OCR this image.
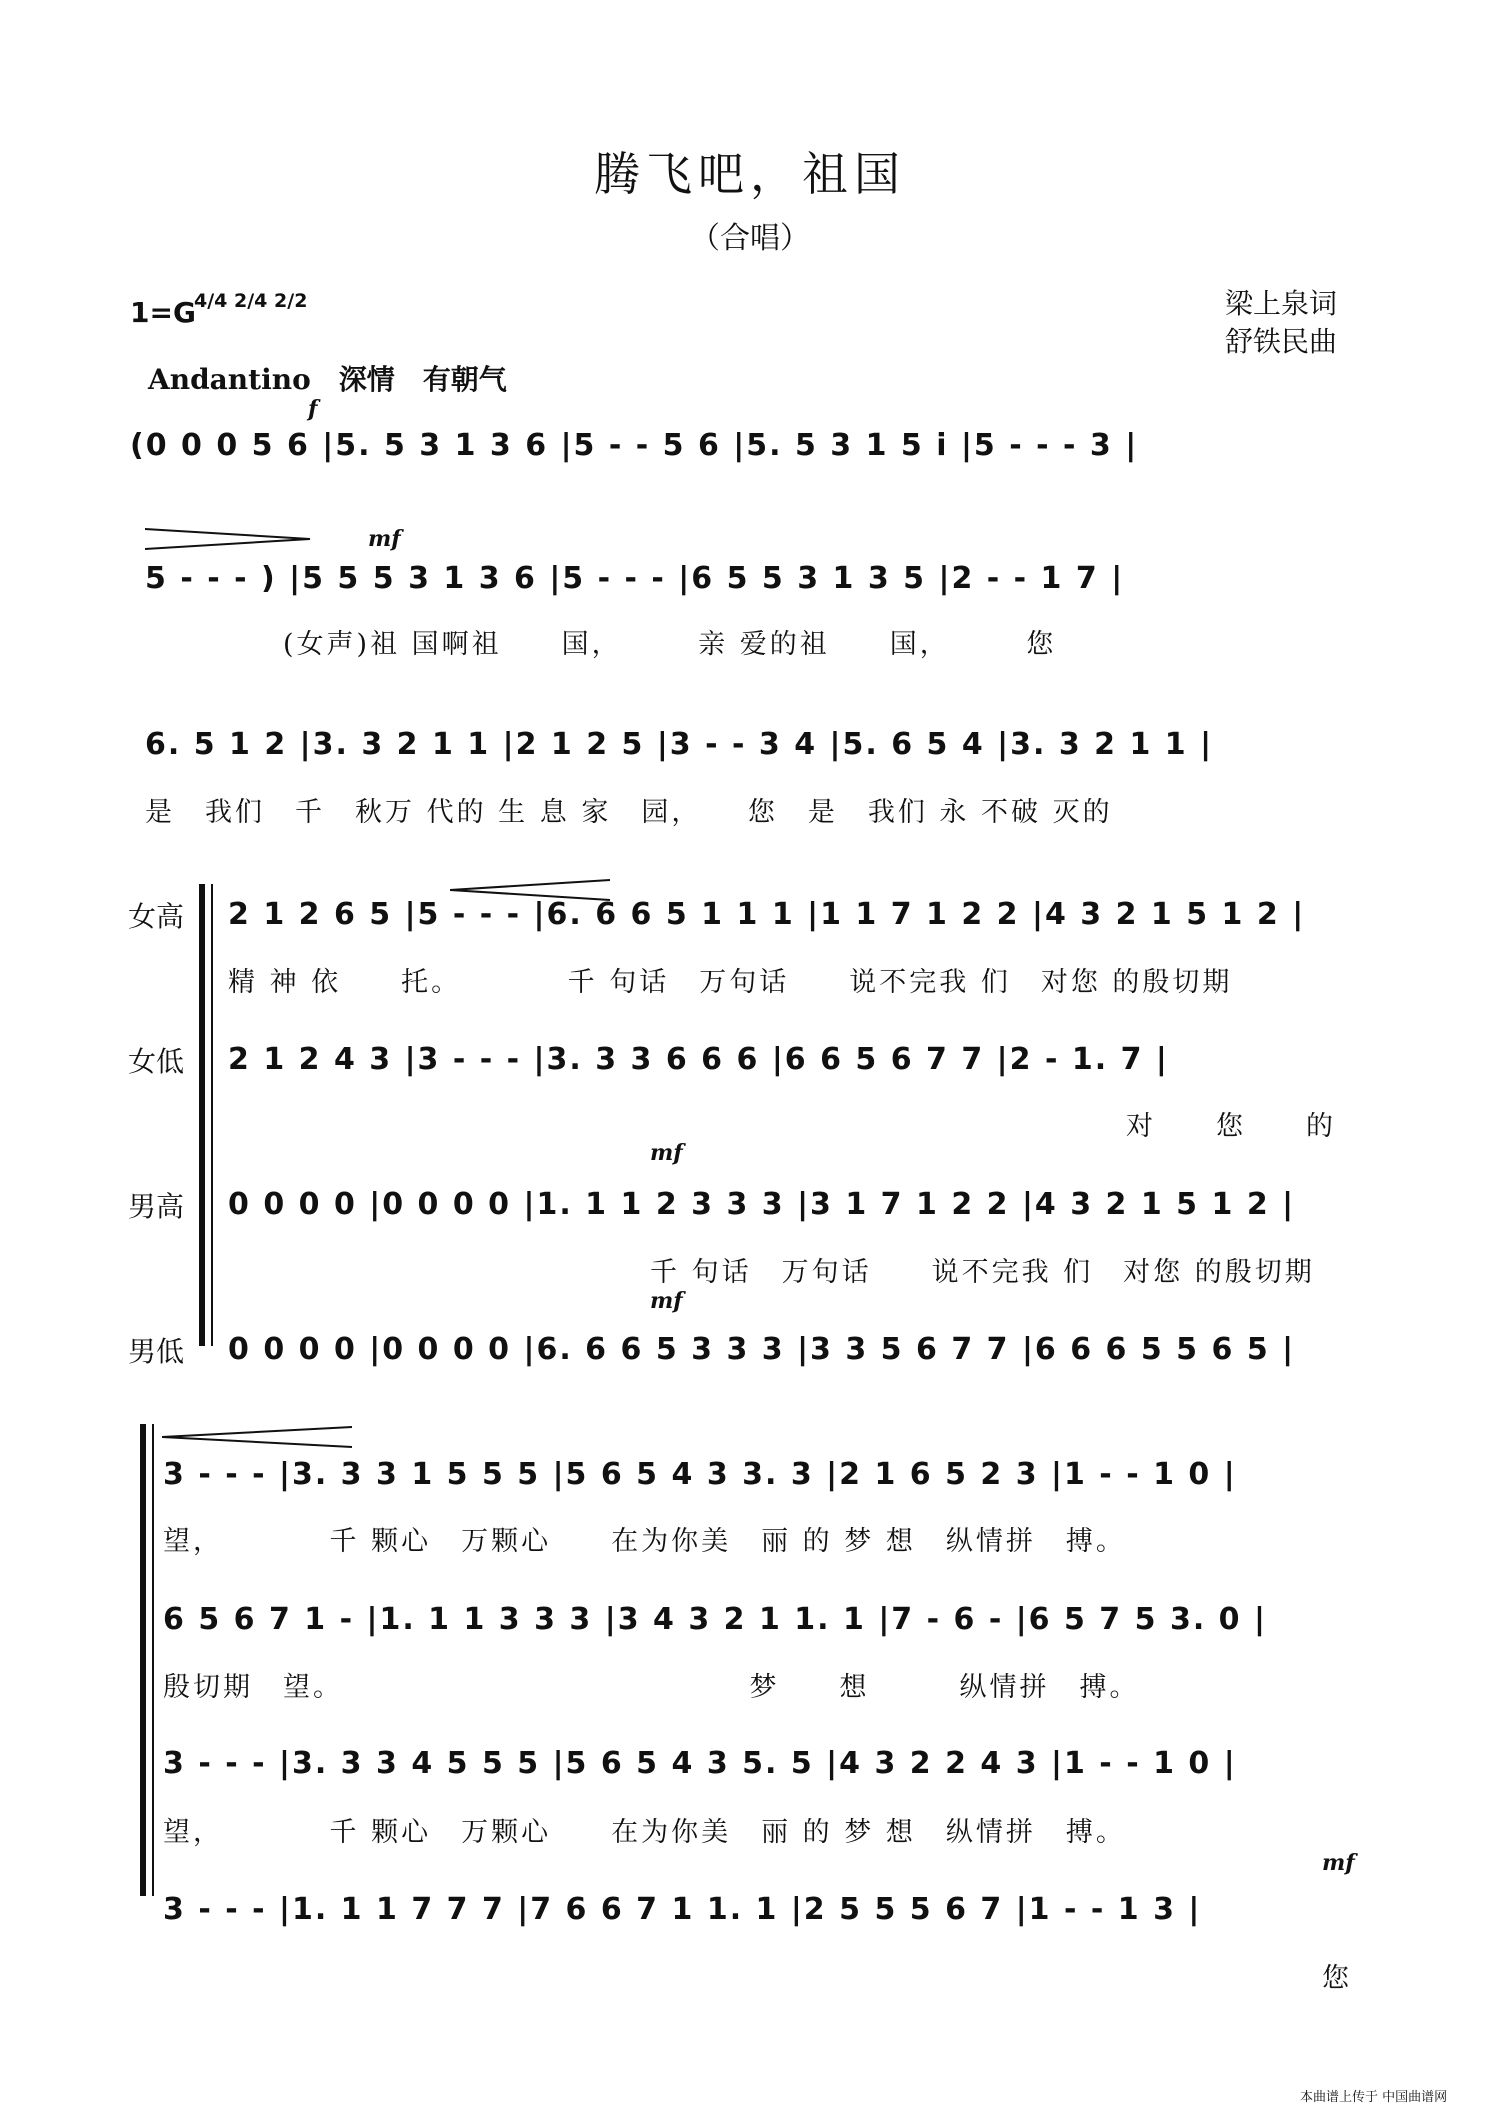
腾飞吧，祖国
（合唱）
1=G
4/4 2/4 2/2	梁上泉词
舒铁民曲
Andantino　深情　有朝气
f
(0 0 0 5 6 |5. 5 3 1 3 6 |5 - - 5 6 |5. 5 3 1 5 i |5 - - - 3 |
mf
5 - - - ) |5 5 5 3 1 3 6 |5 - - - |6 5 5 3 1 3 5 |2 - - 1 7 |
(女声)祖 国啊祖　　国，　　　亲 爱的祖　　国，　　　您
6. 5 1 2 |3. 3 2 1 1 |2 1 2 5 |3 - - 3 4 |5. 6 5 4 |3. 3 2 1 1 |
是　我们　千　秋万 代的 生 息 家　园，　　您　是　我们 永 不破 灭的
女高 2 1 2 6 5 |5 - - - |6. 6 6 5 1 1 1 |1 1 7 1 2 2 |4 3 2 1 5 1 2 |
精 神 依　　托。　　　　千 句话　万句话　　说不完我 们　对您 的殷切期
女低 2 1 2 4 3 |3 - - - |3. 3 3 6 6 6 |6 6 5 6 7 7 |2 - 1. 7 |
对　　您　　的
mf
男高 0 0 0 0 |0 0 0 0 |1. 1 1 2 3 3 3 |3 1 7 1 2 2 |4 3 2 1 5 1 2 |
千 句话　万句话　　说不完我 们　对您 的殷切期
mf
男低 0 0 0 0 |0 0 0 0 |6. 6 6 5 3 3 3 |3 3 5 6 7 7 |6 6 6 5 5 6 5 |
3 - - - |3. 3 3 1 5 5 5 |5 6 5 4 3 3. 3 |2 1 6 5 2 3 |1 - - 1 0 |
望，　　　　千 颗心　万颗心　　在为你美　丽 的 梦 想　纵情拼　搏。
6 5 6 7 1 - |1. 1 1 3 3 3 |3 4 3 2 1 1. 1 |7 - 6 - |6 5 7 5 3. 0 |
殷切期　望。　　　　　　　　　　　　　　梦　　想　　　纵情拼　搏。
3 - - - |3. 3 3 4 5 5 5 |5 6 5 4 3 5. 5 |4 3 2 2 4 3 |1 - - 1 0 |
望，　　　　千 颗心　万颗心　　在为你美　丽 的 梦 想　纵情拼　搏。
mf
3 - - - |1. 1 1 7 7 7 |7 6 6 7 1 1. 1 |2 5 5 5 6 7 |1 - - 1 3 |
您
本曲谱上传于 中国曲谱网
